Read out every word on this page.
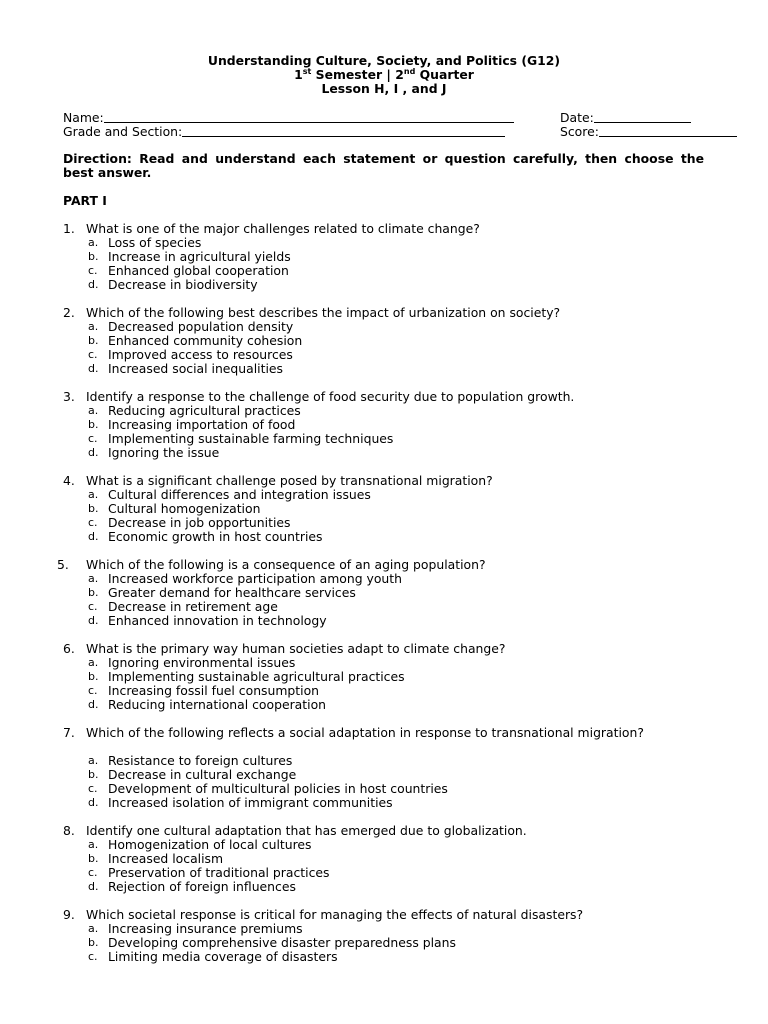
Understanding Culture, Society, and Politics (G12)
1st Semester | 2nd Quarter
Lesson H, I , and J
Name:	Date:
Grade and Section:	Score:
Direction: Read and understand each statement or question carefully, then choose the best answer.
PART I
1. What is one of the major challenges related to climate change?
a. Loss of species
b. Increase in agricultural yields
c. Enhanced global cooperation
d. Decrease in biodiversity
2. Which of the following best describes the impact of urbanization on society?
a. Decreased population density
b. Enhanced community cohesion
c. Improved access to resources
d. Increased social inequalities
3. Identify a response to the challenge of food security due to population growth.
a. Reducing agricultural practices
b. Increasing importation of food
c. Implementing sustainable farming techniques
d. Ignoring the issue
4. What is a significant challenge posed by transnational migration?
a. Cultural differences and integration issues
b. Cultural homogenization
c. Decrease in job opportunities
d. Economic growth in host countries
5. Which of the following is a consequence of an aging population?
a. Increased workforce participation among youth
b. Greater demand for healthcare services
c. Decrease in retirement age
d. Enhanced innovation in technology
6. What is the primary way human societies adapt to climate change?
a. Ignoring environmental issues
b. Implementing sustainable agricultural practices
c. Increasing fossil fuel consumption
d. Reducing international cooperation
7. Which of the following reflects a social adaptation in response to transnational migration?
a. Resistance to foreign cultures
b. Decrease in cultural exchange
c. Development of multicultural policies in host countries
d. Increased isolation of immigrant communities
8. Identify one cultural adaptation that has emerged due to globalization.
a. Homogenization of local cultures
b. Increased localism
c. Preservation of traditional practices
d. Rejection of foreign influences
9. Which societal response is critical for managing the effects of natural disasters?
a. Increasing insurance premiums
b. Developing comprehensive disaster preparedness plans
c. Limiting media coverage of disasters
